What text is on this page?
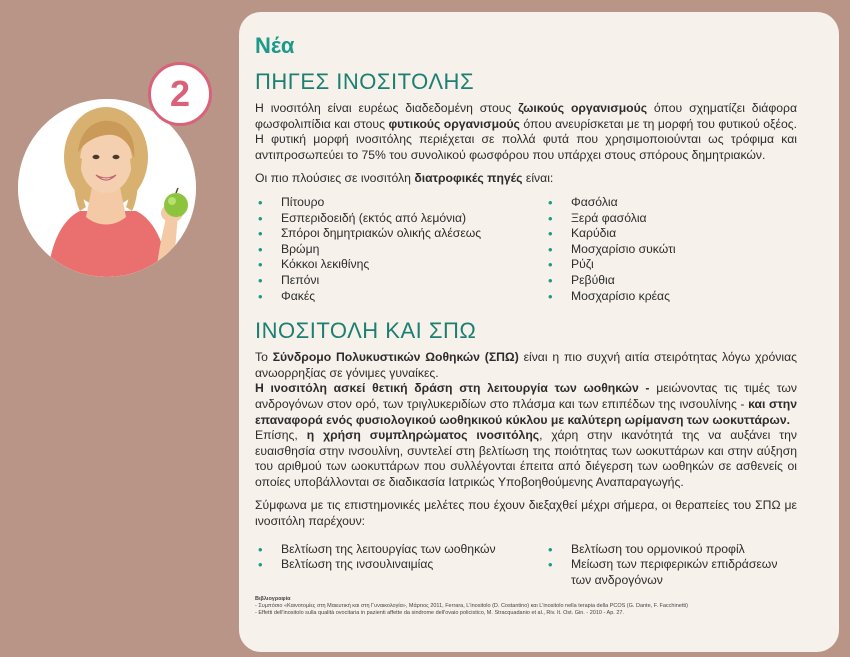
2
Νέα
ΠΗΓΕΣ ΙΝΟΣΙΤΟΛΗΣ

Η ινοσιτόλη είναι ευρέως διαδεδομένη στους ζωικούς οργανισμούς όπου σχηματίζει διάφορα φωσφολιπίδια και στους φυτικούς οργανισμούς όπου ανευρίσκεται με τη μορφή του φυτικού οξέος. Η φυτική μορφή ινοσιτόλης περιέχεται σε πολλά φυτά που χρησιμοποιούνται ως τρόφιμα και αντιπροσωπεύει το 75% του συνολικού φωσφόρου που υπάρχει στους σπόρους δημητριακών.

Οι πιο πλούσιες σε ινοσιτόλη διατροφικές πηγές είναι:

• Πίτουρο
• Εσπεριδοειδή (εκτός από λεμόνια)
• Σπόροι δημητριακών ολικής αλέσεως
• Βρώμη
• Κόκκοι λεκιθίνης
• Πεπόνι
• Φακές
• Φασόλια
• Ξερά φασόλια
• Καρύδια
• Μοσχαρίσιο συκώτι
• Ρύζι
• Ρεβύθια
• Μοσχαρίσιο κρέας
ΙΝΟΣΙΤΟΛΗ ΚΑΙ ΣΠΩ

Το Σύνδρομο Πολυκυστικών Ωοθηκών (ΣΠΩ) είναι η πιο συχνή αιτία στειρότητας λόγω χρόνιας ανωορρηξίας σε γόνιμες γυναίκες.

Η ινοσιτόλη ασκεί θετική δράση στη λειτουργία των ωοθηκών - μειώνοντας τις τιμές των ανδρογόνων στον ορό, των τριγλυκεριδίων στο πλάσμα και των επιπέδων της ινσουλίνης - και στην επαναφορά ενός φυσιολογικού ωοθηκικού κύκλου με καλύτερη ωρίμανση των ωοκυττάρων.

Επίσης, η χρήση συμπληρώματος ινοσιτόλης, χάρη στην ικανότητά της να αυξάνει την ευαισθησία στην ινσουλίνη, συντελεί στη βελτίωση της ποιότητας των ωοκυττάρων και στην αύξηση του αριθμού των ωοκυττάρων που συλλέγονται έπειτα από διέγερση των ωοθηκών σε ασθενείς οι οποίες υποβάλλονται σε διαδικασία Ιατρικώς Υποβοηθούμενης Αναπαραγωγής.

Σύμφωνα με τις επιστημονικές μελέτες που έχουν διεξαχθεί μέχρι σήμερα, οι θεραπείες του ΣΠΩ με ινοσιτόλη παρέχουν:

• Βελτίωση της λειτουργίας των ωοθηκών
• Βελτίωση της ινσουλιναιμίας
• Βελτίωση του ορμονικού προφίλ
• Μείωση των περιφερικών επιδράσεων των ανδρογόνων
Βιβλιογραφία
- Συμπόσιο «Καινοτομίες στη Μαιευτική και στη Γυναικολογία», Μάρτιος 2011, Ferrara, L'inositolo (D. Costantino) και L'inositolo nella terapia della PCOS (G. Dante, F. Facchinetti)
- Effetti dell'inositolo sulla qualità ovocitaria in pazienti affette da sindrome dell'ovaio policistico, M. Stracquadanio et al., Riv. It. Ost. Gin. - 2010 - Ap. 27.
